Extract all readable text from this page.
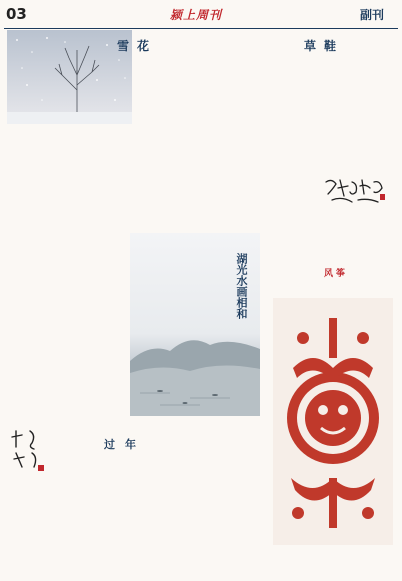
03	颍上周刊	副刊
雪花	草鞋
湖光水画相和	风筝
过年
